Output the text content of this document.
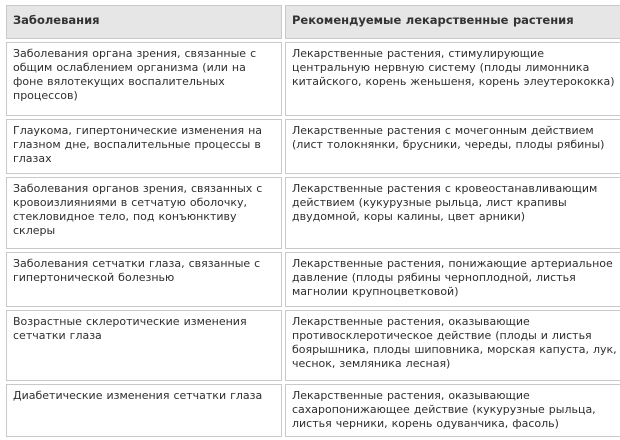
Заболевания	Рекомендуемые лекарственные растения
Заболевания органа зрения, связанные с общим ослаблением организма (или на фоне вялотекущих воспалительных процессов)	Лекарственные растения, стимулирующие центральную нервную систему (плоды лимонника китайского, корень женьшеня, корень элеутерококка)
Глаукома, гипертонические изменения на глазном дне, воспалительные процессы в глазах	Лекарственные растения с мочегонным действием (лист толокнянки, брусники, череды, плоды рябины)
Заболевания органов зрения, связанных с кровоизлияниями в сетчатую оболочку, стекловидное тело, под конъюнктиву склеры	Лекарственные растения с кровеостанавливающим действием (кукурузные рыльца, лист крапивы двудомной, коры калины, цвет арники)
Заболевания сетчатки глаза, связанные с гипертонической болезнью	Лекарственные растения, понижающие артериальное давление (плоды рябины черноплодной, листья магнолии крупноцветковой)
Возрастные склеротические изменения сетчатки глаза	Лекарственные растения, оказывающие противосклеротическое действие (плоды и листья боярышника, плоды шиповника, морская капуста, лук, чеснок, земляника лесная)
Диабетические изменения сетчатки глаза	Лекарственные растения, оказывающие сахаропонижающее действие (кукурузные рыльца, листья черники, корень одуванчика, фасоль)
